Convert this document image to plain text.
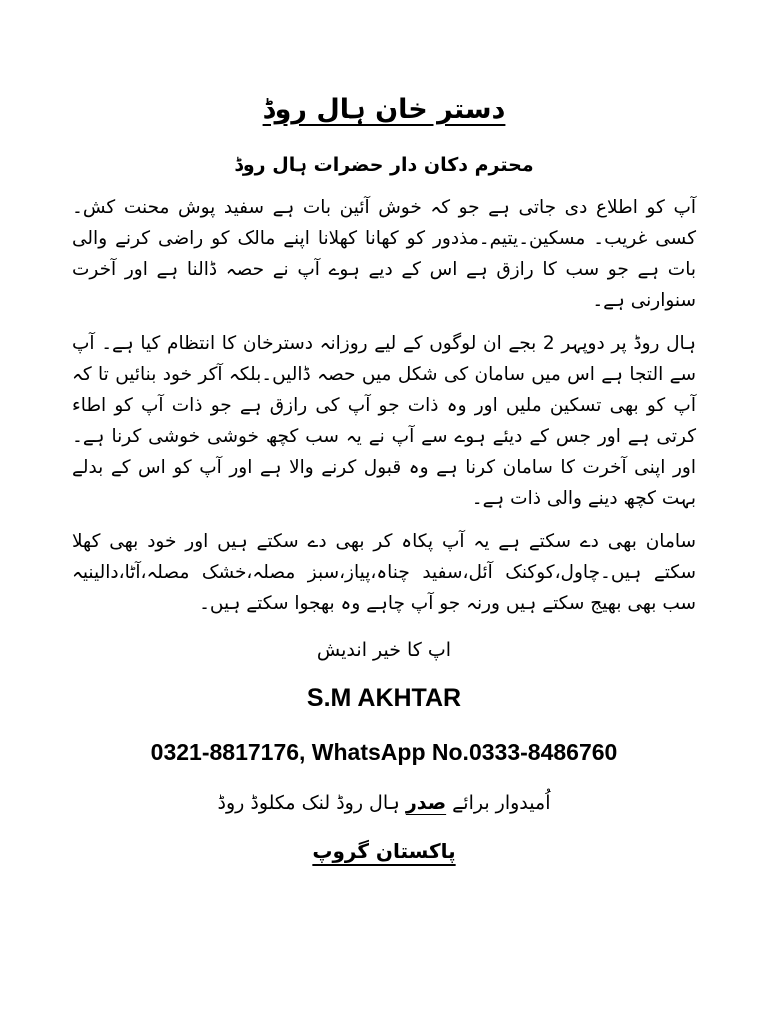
دستر خان ہال روڈ
محترم دکان دار حضرات ہال روڈ

آپ کو اطلاع دی جاتی ہے جو کہ خوش آئین بات ہے سفید پوش محنت کش۔ کسی غریب۔ مسکین۔یتیم۔مذدور کو کھانا کھلانا اپنے مالک کو راضی کرنے والی بات ہے جو سب کا رازق ہے اس کے دیے ہوے آپ نے حصہ ڈالنا ہے اور آخرت سنوارنی ہے۔

ہال روڈ پر دوپہر 2 بجے ان لوگوں کے لیے روزانہ دسترخان کا انتظام کیا ہے۔ آپ سے التجا ہے اس میں سامان کی شکل میں حصہ ڈالیں۔بلکہ آکر خود بنائیں تا کہ آپ کو بھی تسکین ملیں اور وہ ذات جو آپ کی رازق ہے جو ذات آپ کو اطاء کرتی ہے اور جس کے دیئے ہوے سے آپ نے یہ سب کچھ خوشی خوشی کرنا ہے۔ اور اپنی آخرت کا سامان کرنا ہے وہ قبول کرنے والا ہے اور آپ کو اس کے بدلے بہت کچھ دینے والی ذات ہے۔

سامان بھی دے سکتے ہے یہ آپ پکاہ کر بھی دے سکتے ہیں اور خود بھی کھلا سکتے ہیں۔چاول،کوکنک آئل،سفید چناہ،پیاز،سبز مصلہ،خشک مصلہ،آٹا،دالینیہ سب بھی بھیج سکتے ہیں ورنہ جو آپ چاہے وہ بھجوا سکتے ہیں۔

اپ کا خیر اندیش
S.M AKHTAR
0321-8817176, WhatsApp No.0333-8486760
اُمیدوار برائے صدر ہال روڈ لنک مکلوڈ روڈ
پاکستان گروپ
